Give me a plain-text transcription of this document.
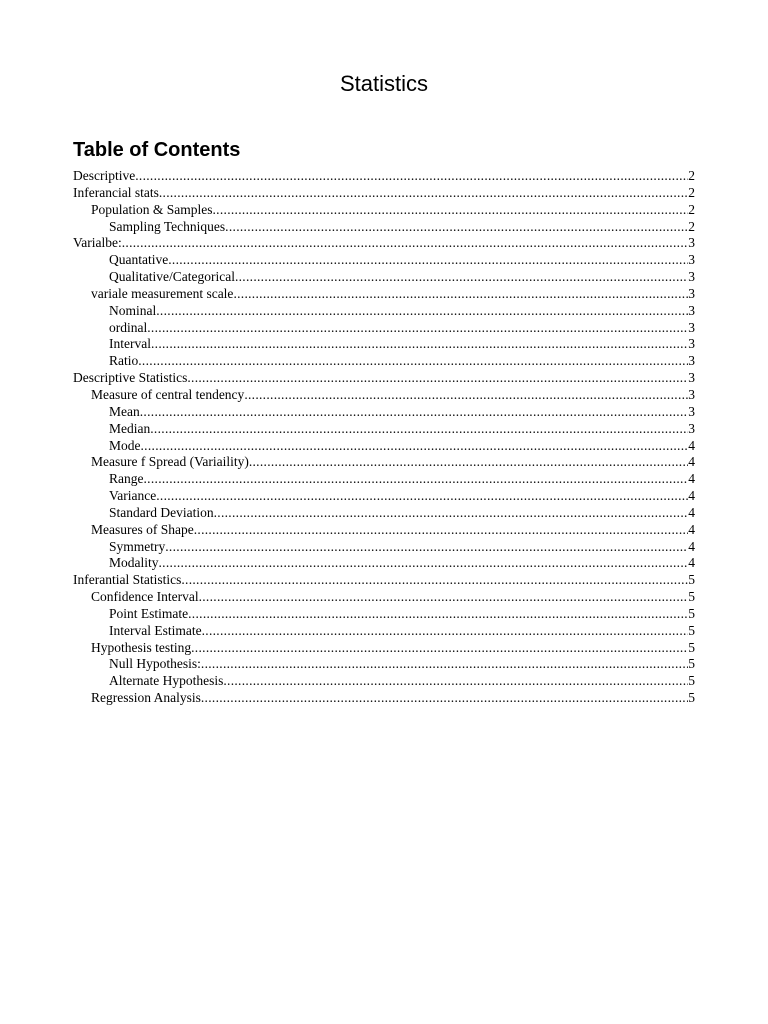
Statistics
Table of Contents
Descriptive .....	2
Inferancial stats .....	2
Population & Samples .....	2
Sampling Techniques .....	2
Varialbe: .....	3
Quantative .....	3
Qualitative/Categorical .....	3
variale measurement scale .....	3
Nominal .....	3
ordinal .....	3
Interval .....	3
Ratio .....	3
Descriptive Statistics .....	3
Measure of central tendency .....	3
Mean .....	3
Median .....	3
Mode .....	4
Measure f Spread (Variaility) .....	4
Range .....	4
Variance .....	4
Standard Deviation .....	4
Measures of Shape .....	4
Symmetry .....	4
Modality .....	4
Inferantial Statistics .....	5
Confidence Interval .....	5
Point Estimate .....	5
Interval Estimate .....	5
Hypothesis testing .....	5
Null Hypothesis: .....	5
Alternate Hypothesis .....	5
Regression Analysis .....	5
